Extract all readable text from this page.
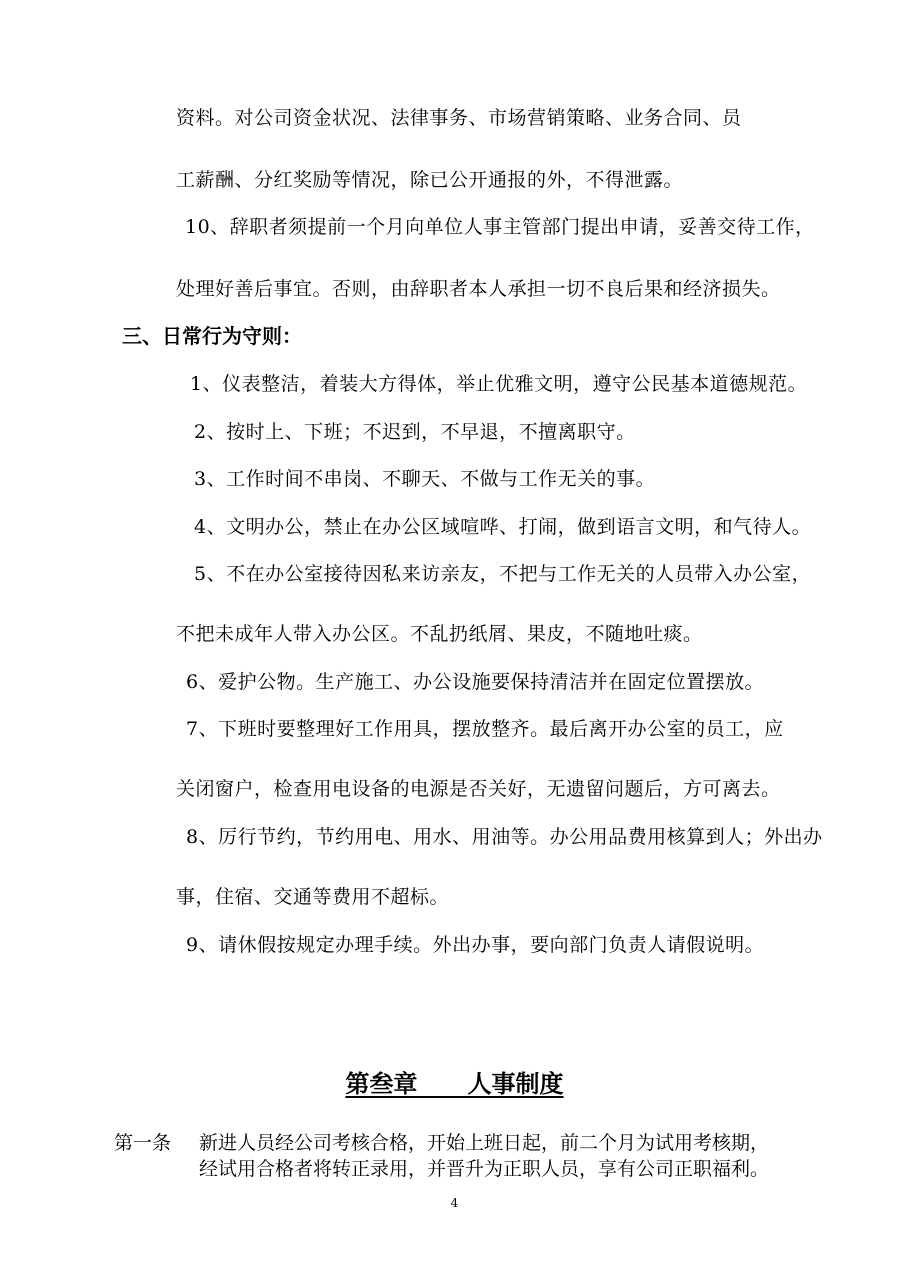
资料。对公司资金状况、法律事务、市场营销策略、业务合同、员
工薪酬、分红奖励等情况，除已公开通报的外，不得泄露。
10、辞职者须提前一个月向单位人事主管部门提出申请，妥善交待工作，
处理好善后事宜。否则，由辞职者本人承担一切不良后果和经济损失。
三、日常行为守则：
1、仪表整洁，着装大方得体，举止优雅文明，遵守公民基本道德规范。
2、按时上、下班；不迟到，不早退，不擅离职守。
3、工作时间不串岗、不聊天、不做与工作无关的事。
4、文明办公，禁止在办公区域喧哗、打闹，做到语言文明，和气待人。
5、不在办公室接待因私来访亲友，不把与工作无关的人员带入办公室，
不把未成年人带入办公区。不乱扔纸屑、果皮，不随地吐痰。
6、爱护公物。生产施工、办公设施要保持清洁并在固定位置摆放。
7、下班时要整理好工作用具，摆放整齐。最后离开办公室的员工，应
关闭窗户，检查用电设备的电源是否关好，无遗留问题后，方可离去。
8、厉行节约，节约用电、用水、用油等。办公用品费用核算到人；外出办
事，住宿、交通等费用不超标。
9、请休假按规定办理手续。外出办事，要向部门负责人请假说明。
第叁章      人事制度
第一条 新进人员经公司考核合格，开始上班日起，前二个月为试用考核期，
经试用合格者将转正录用，并晋升为正职人员，享有公司正职福利。
4
